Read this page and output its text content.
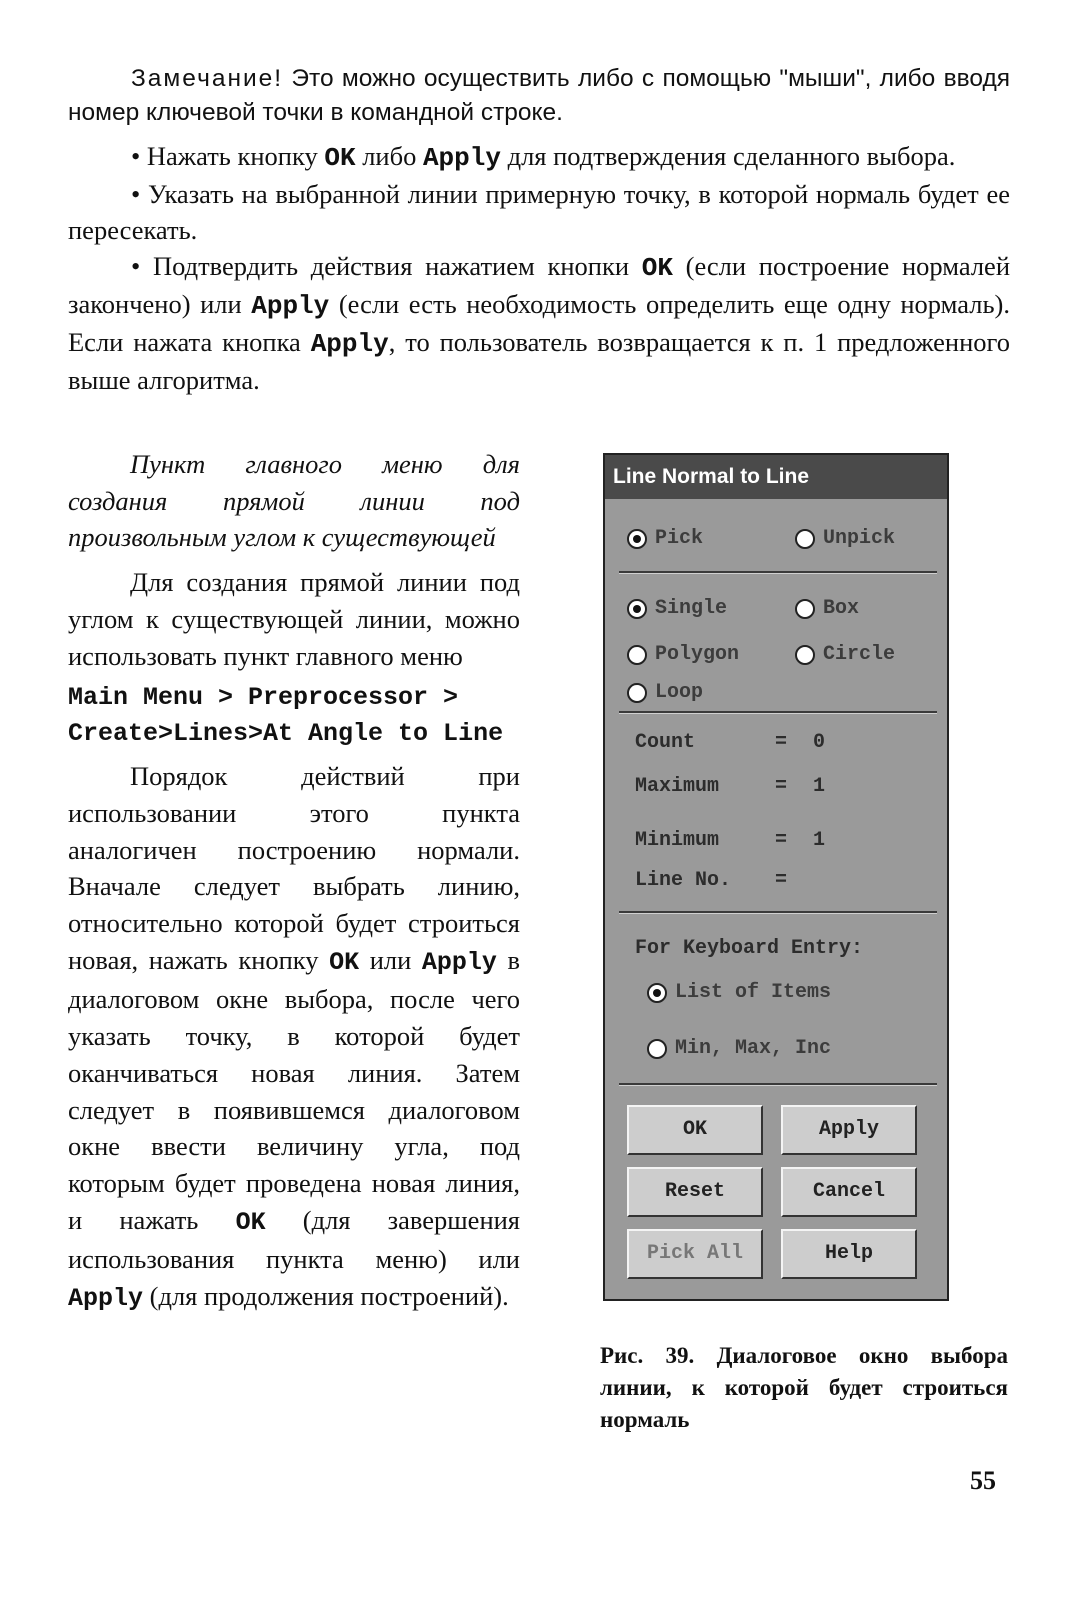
Замечание! Это можно осуществить либо с помощью "мыши", либо вводя номер ключевой точки в командной строке.

• Нажать кнопку OK либо Apply для подтверждения сделанного выбора.

• Указать на выбранной линии примерную точку, в которой нормаль будет ее пересекать.

• Подтвердить действия нажатием кнопки OK (если построение нормалей закончено) или Apply (если есть необходимость определить еще одну нормаль). Если нажата кнопка Apply, то пользователь возвращается к п. 1 предложенного выше алгоритма.

Пункт главного меню для создания прямой линии под произвольным углом к существующей

Для создания прямой линии под углом к существующей линии, можно использовать пункт главного меню

Main Menu > Preprocessor > Create>Lines>At Angle to Line

Порядок действий при использовании этого пункта аналогичен построению нормали. Вначале следует выбрать линию, относительно которой будет строиться новая, нажать кнопку OK или Apply в диалоговом окне выбора, после чего указать точку, в которой будет оканчиваться новая линия. Затем следует в появившемся диалоговом окне ввести величину угла, под которым будет проведена новая линия, и нажать OK (для завершения использования пункта меню) или Apply (для продолжения построений).

Line Normal to Line
Pick	Unpick
Single	Box
Polygon	Circle
Loop
Count	= 0
Maximum	= 1
Minimum	= 1
Line No. =
For Keyboard Entry:
List of Items
Min, Max, Inc
OK	Apply
Reset	Cancel
Pick All	Help
Рис. 39. Диалоговое окно выбора линии, к которой будет строиться нормаль
55
